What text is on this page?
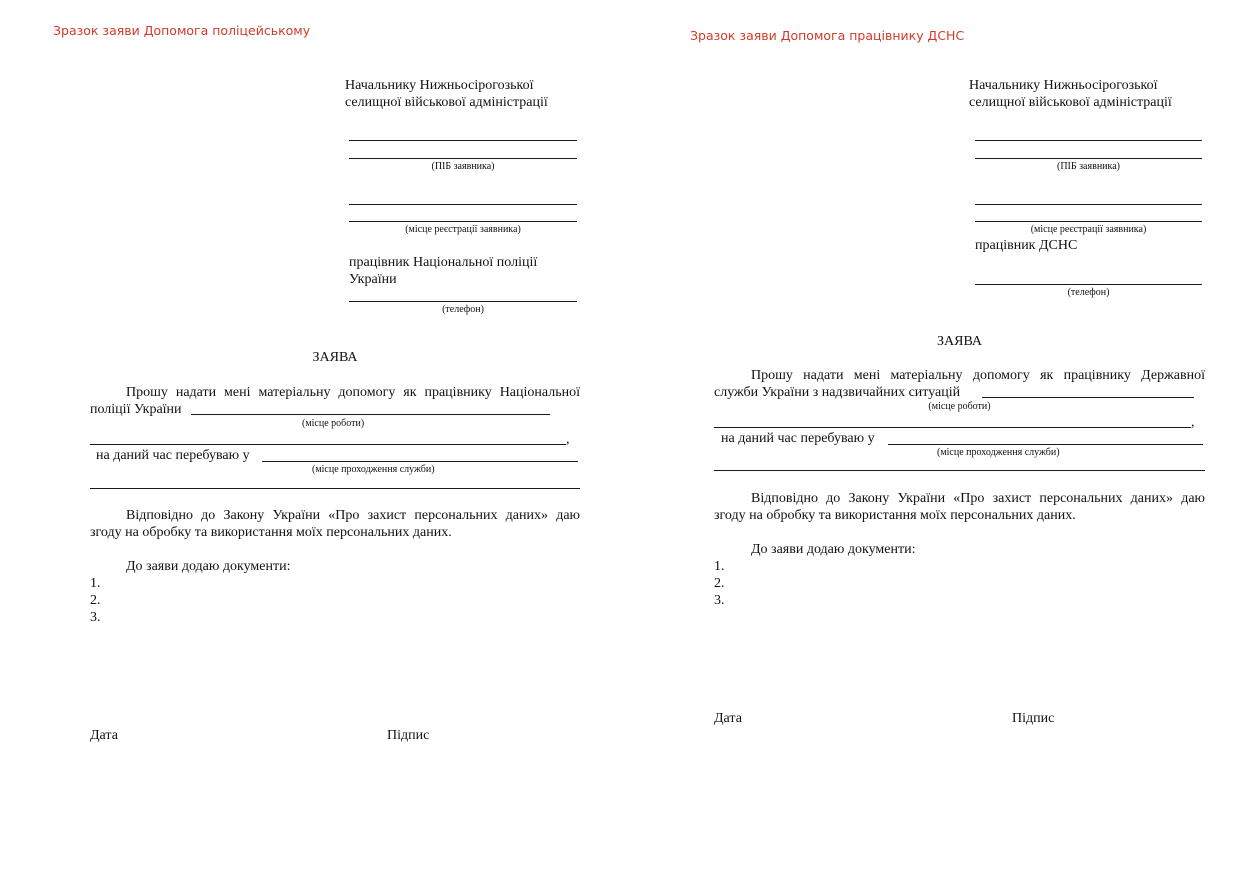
Зразок заяви Допомога поліцейському
Начальнику Нижньосірогозької
селищної військової адміністрації
(ПІБ заявника)
(місце реєстрації заявника)
працівник Національної поліції
України
(телефон)
ЗАЯВА
Прошу надати мені матеріальну допомогу як працівнику Національної
поліції України
(місце роботи)
,
на даний час перебуваю у
(місце проходження служби)
Відповідно до Закону України «Про захист персональних даних» даю
згоду на обробку та використання моїх персональних даних.
До заяви додаю документи:
1.
2.
3.
Дата	Підпис
Зразок заяви Допомога працівнику ДСНС
Начальнику Нижньосірогозької
селищної військової адміністрації
(ПІБ заявника)
(місце реєстрації заявника)
працівник ДСНС
(телефон)
ЗАЯВА
Прошу надати мені матеріальну допомогу як працівнику Державної
служби України з надзвичайних ситуацій
(місце роботи)
,
на даний час перебуваю у
(місце проходження служби)
Відповідно до Закону України «Про захист персональних даних» даю
згоду на обробку та використання моїх персональних даних.
До заяви додаю документи:
1.
2.
3.
Дата	Підпис
